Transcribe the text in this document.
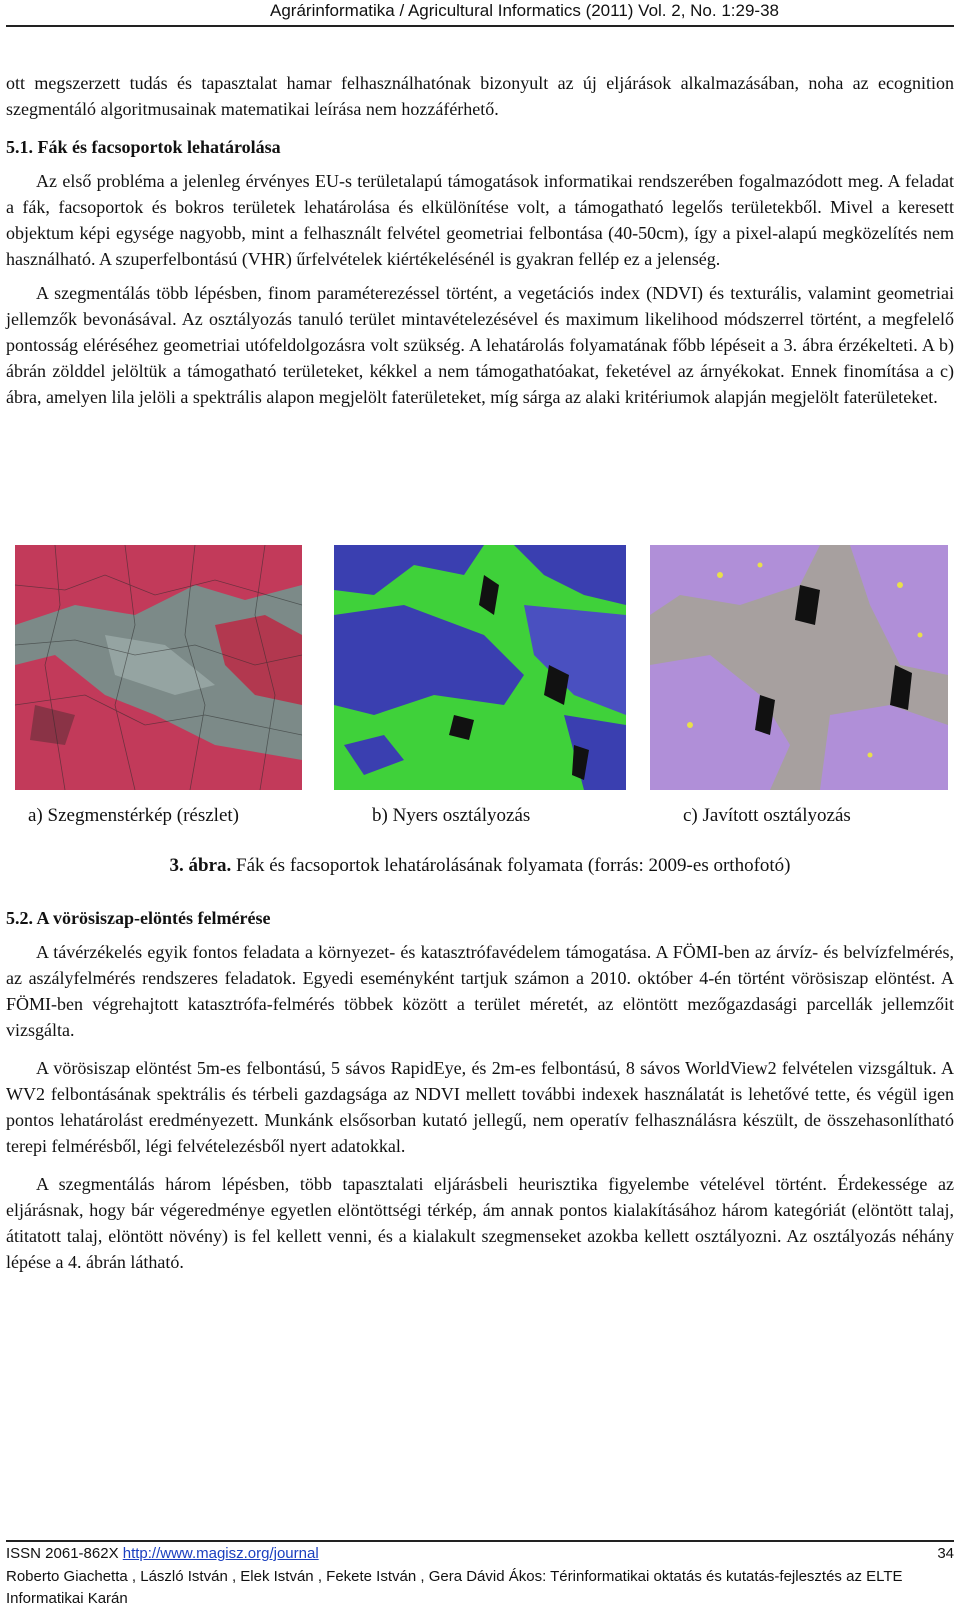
Agrárinformatika / Agricultural Informatics (2011) Vol. 2, No. 1:29-38

ott megszerzett tudás és tapasztalat hamar felhasználhatónak bizonyult az új eljárások alkalmazásában, noha az ecognition szegmentáló algoritmusainak matematikai leírása nem hozzáférhető.

5.1. Fák és facsoportok lehatárolása

Az első probléma a jelenleg érvényes EU-s területalapú támogatások informatikai rendszerében fogalmazódott meg. A feladat a fák, facsoportok és bokros területek lehatárolása és elkülönítése volt, a támogatható legelős területekből. Mivel a keresett objektum képi egysége nagyobb, mint a felhasznált felvétel geometriai felbontása (40-50cm), így a pixel-alapú megközelítés nem használható. A szuperfelbontású (VHR) űrfelvételek kiértékelésénél is gyakran fellép ez a jelenség.

A szegmentálás több lépésben, finom paraméterezéssel történt, a vegetációs index (NDVI) és texturális, valamint geometriai jellemzők bevonásával. Az osztályozás tanuló terület mintavételezésével és maximum likelihood módszerrel történt, a megfelelő pontosság eléréséhez geometriai utófeldolgozásra volt szükség. A lehatárolás folyamatának főbb lépéseit a 3. ábra érzékelteti. A b) ábrán zölddel jelöltük a támogatható területeket, kékkel a nem támogathatóakat, feketével az árnyékokat. Ennek finomítása a c) ábra, amelyen lila jelöli a spektrális alapon megjelölt faterületeket, míg sárga az alaki kritériumok alapján megjelölt faterületeket.

a) Szegmenstérkép (részlet)	b) Nyers osztályozás	c) Javított osztályozás
3. ábra. Fák és facsoportok lehatárolásának folyamata (forrás: 2009-es orthofotó)
5.2. A vörösiszap-elöntés felmérése

A távérzékelés egyik fontos feladata a környezet- és katasztrófavédelem támogatása. A FÖMI-ben az árvíz- és belvízfelmérés, az aszályfelmérés rendszeres feladatok. Egyedi eseményként tartjuk számon a 2010. október 4-én történt vörösiszap elöntést. A FÖMI-ben végrehajtott katasztrófa-felmérés többek között a terület méretét, az elöntött mezőgazdasági parcellák jellemzőit vizsgálta.

A vörösiszap elöntést 5m-es felbontású, 5 sávos RapidEye, és 2m-es felbontású, 8 sávos WorldView2 felvételen vizsgáltuk. A WV2 felbontásának spektrális és térbeli gazdagsága az NDVI mellett további indexek használatát is lehetővé tette, és végül igen pontos lehatárolást eredményezett. Munkánk elsősorban kutató jellegű, nem operatív felhasználásra készült, de összehasonlítható terepi felmérésből, légi felvételezésből nyert adatokkal.

A szegmentálás három lépésben, több tapasztalati eljárásbeli heurisztika figyelembe vételével történt. Érdekessége az eljárásnak, hogy bár végeredménye egyetlen elöntöttségi térkép, ám annak pontos kialakításához három kategóriát (elöntött talaj, átitatott talaj, elöntött növény) is fel kellett venni, és a kialakult szegmenseket azokba kellett osztályozni. Az osztályozás néhány lépése a 4. ábrán látható.

ISSN 2061-862X http://www.magisz.org/journal	34
Roberto Giachetta , László István , Elek István , Fekete István , Gera Dávid Ákos: Térinformatikai oktatás és kutatás-fejlesztés az ELTE Informatikai Karán
